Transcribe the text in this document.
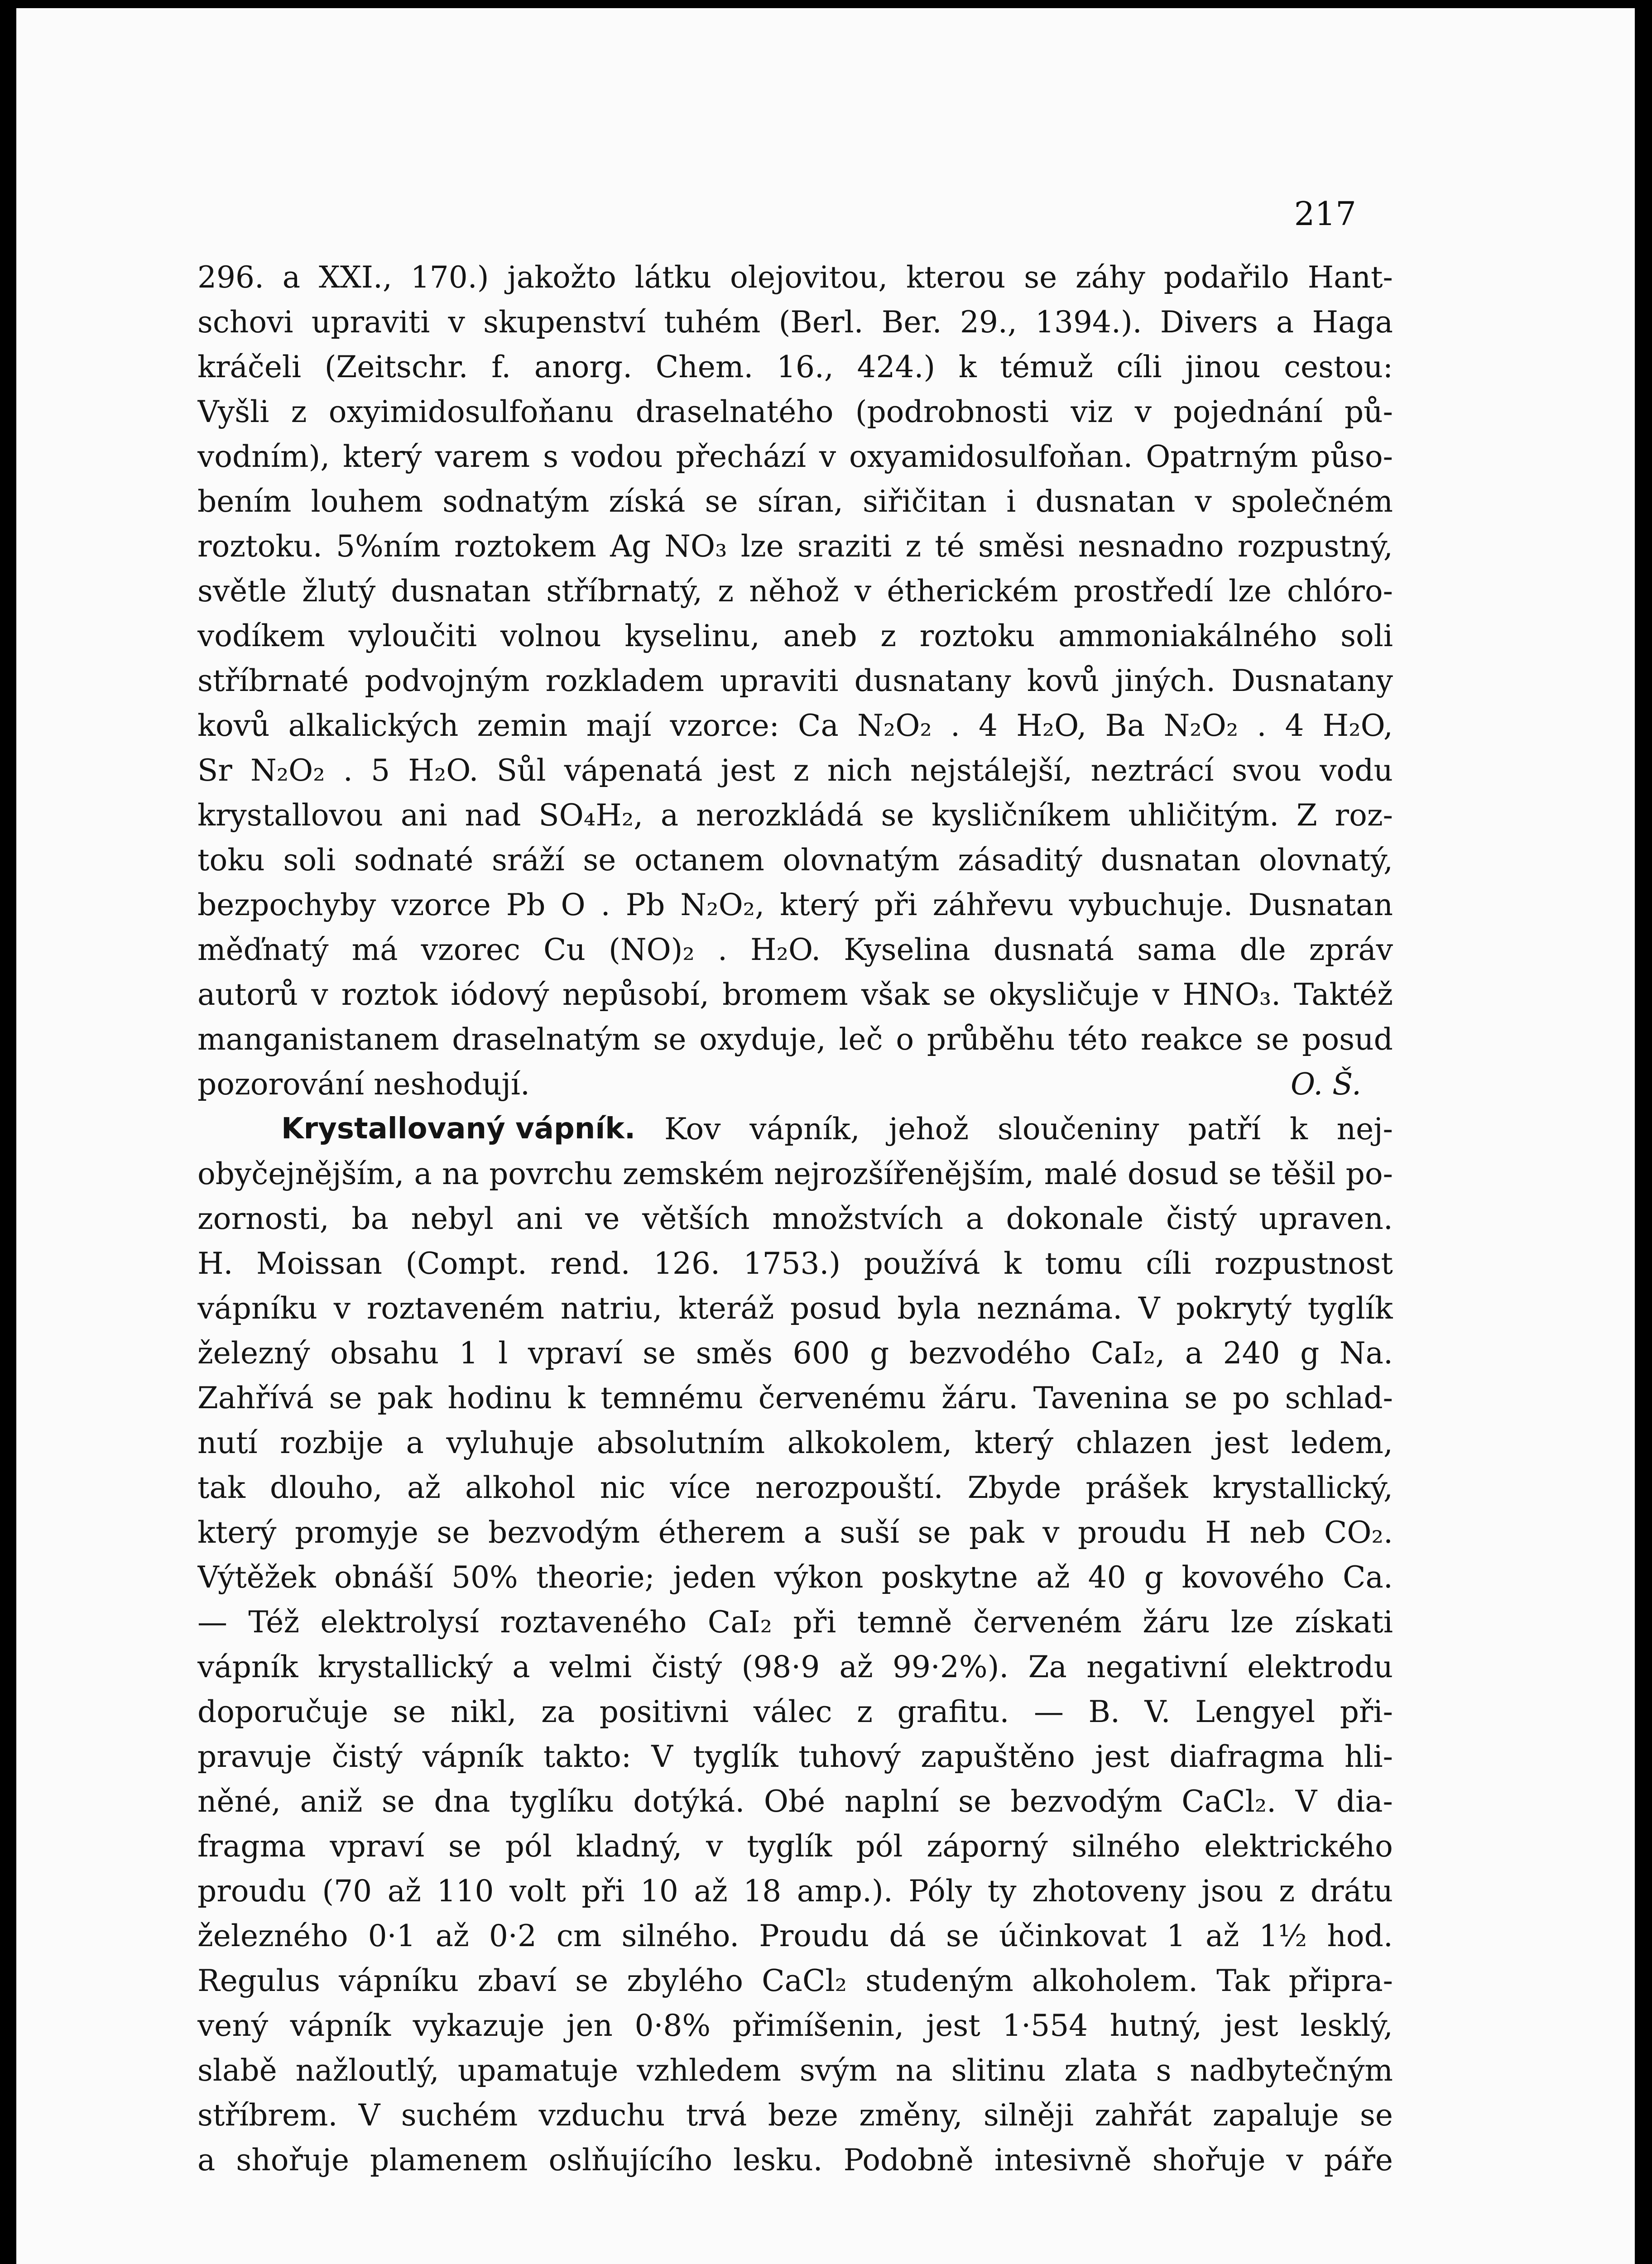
217
296. a XXI., 170.) jakožto látku olejovitou, kterou se záhy podařilo Hant-
schovi upraviti v skupenství tuhém (Berl. Ber. 29., 1394.). Divers a Haga
kráčeli (Zeitschr. f. anorg. Chem. 16., 424.) k témuž cíli jinou cestou:
Vyšli z oxyimidosulfoňanu draselnatého (podrobnosti viz v pojednání pů-
vodním), který varem s vodou přechází v oxyamidosulfoňan. Opatrným půso-
bením louhem sodnatým získá se síran, siřičitan i dusnatan v společném
roztoku. 5%ním roztokem Ag NO₃ lze sraziti z té směsi nesnadno rozpustný,
světle žlutý dusnatan stříbrnatý, z něhož v étherickém prostředí lze chlóro-
vodíkem vyloučiti volnou kyselinu, aneb z roztoku ammoniakálného soli
stříbrnaté podvojným rozkladem upraviti dusnatany kovů jiných. Dusnatany
kovů alkalických zemin mají vzorce: Ca N₂O₂ . 4 H₂O, Ba N₂O₂ . 4 H₂O,
Sr N₂O₂ . 5 H₂O. Sůl vápenatá jest z nich nejstálejší, neztrácí svou vodu
krystallovou ani nad SO₄H₂, a nerozkládá se kysličníkem uhličitým. Z roz-
toku soli sodnaté sráží se octanem olovnatým zásaditý dusnatan olovnatý,
bezpochyby vzorce Pb O . Pb N₂O₂, který při záhřevu vybuchuje. Dusnatan
měďnatý má vzorec Cu (NO)₂ . H₂O. Kyselina dusnatá sama dle zpráv
autorů v roztok iódový nepůsobí, bromem však se okysličuje v HNO₃. Taktéž
manganistanem draselnatým se oxyduje, leč o průběhu této reakce se posud
pozorování neshodují.	O. Š.
Krystallovaný vápník. Kov vápník, jehož sloučeniny patří k nej-
obyčejnějším, a na povrchu zemském nejrozšířenějším, malé dosud se těšil po-
zornosti, ba nebyl ani ve větších množstvích a dokonale čistý upraven.
H. Moissan (Compt. rend. 126. 1753.) používá k tomu cíli rozpustnost
vápníku v roztaveném natriu, kteráž posud byla neznáma. V pokrytý tyglík
železný obsahu 1 l vpraví se směs 600 g bezvodého CaI₂, a 240 g Na.
Zahřívá se pak hodinu k temnému červenému žáru. Tavenina se po schlad-
nutí rozbije a vyluhuje absolutním alkokolem, který chlazen jest ledem,
tak dlouho, až alkohol nic více nerozpouští. Zbyde prášek krystallický,
který promyje se bezvodým étherem a suší se pak v proudu H neb CO₂.
Výtěžek obnáší 50% theorie; jeden výkon poskytne až 40 g kovového Ca.
— Též elektrolysí roztaveného CaI₂ při temně červeném žáru lze získati
vápník krystallický a velmi čistý (98·9 až 99·2%). Za negativní elektrodu
doporučuje se nikl, za positivni válec z grafitu. — B. V. Lengyel při-
pravuje čistý vápník takto: V tyglík tuhový zapuštěno jest diafragma hli-
něné, aniž se dna tyglíku dotýká. Obé naplní se bezvodým CaCl₂. V dia-
fragma vpraví se pól kladný, v tyglík pól záporný silného elektrického
proudu (70 až 110 volt při 10 až 18 amp.). Póly ty zhotoveny jsou z drátu
železného 0·1 až 0·2 cm silného. Proudu dá se účinkovat 1 až 1½ hod.
Regulus vápníku zbaví se zbylého CaCl₂ studeným alkoholem. Tak připra-
vený vápník vykazuje jen 0·8% přimíšenin, jest 1·554 hutný, jest lesklý,
slabě nažloutlý, upamatuje vzhledem svým na slitinu zlata s nadbytečným
stříbrem. V suchém vzduchu trvá beze změny, silněji zahřát zapaluje se
a shořuje plamenem oslňujícího lesku. Podobně intesivně shořuje v páře
